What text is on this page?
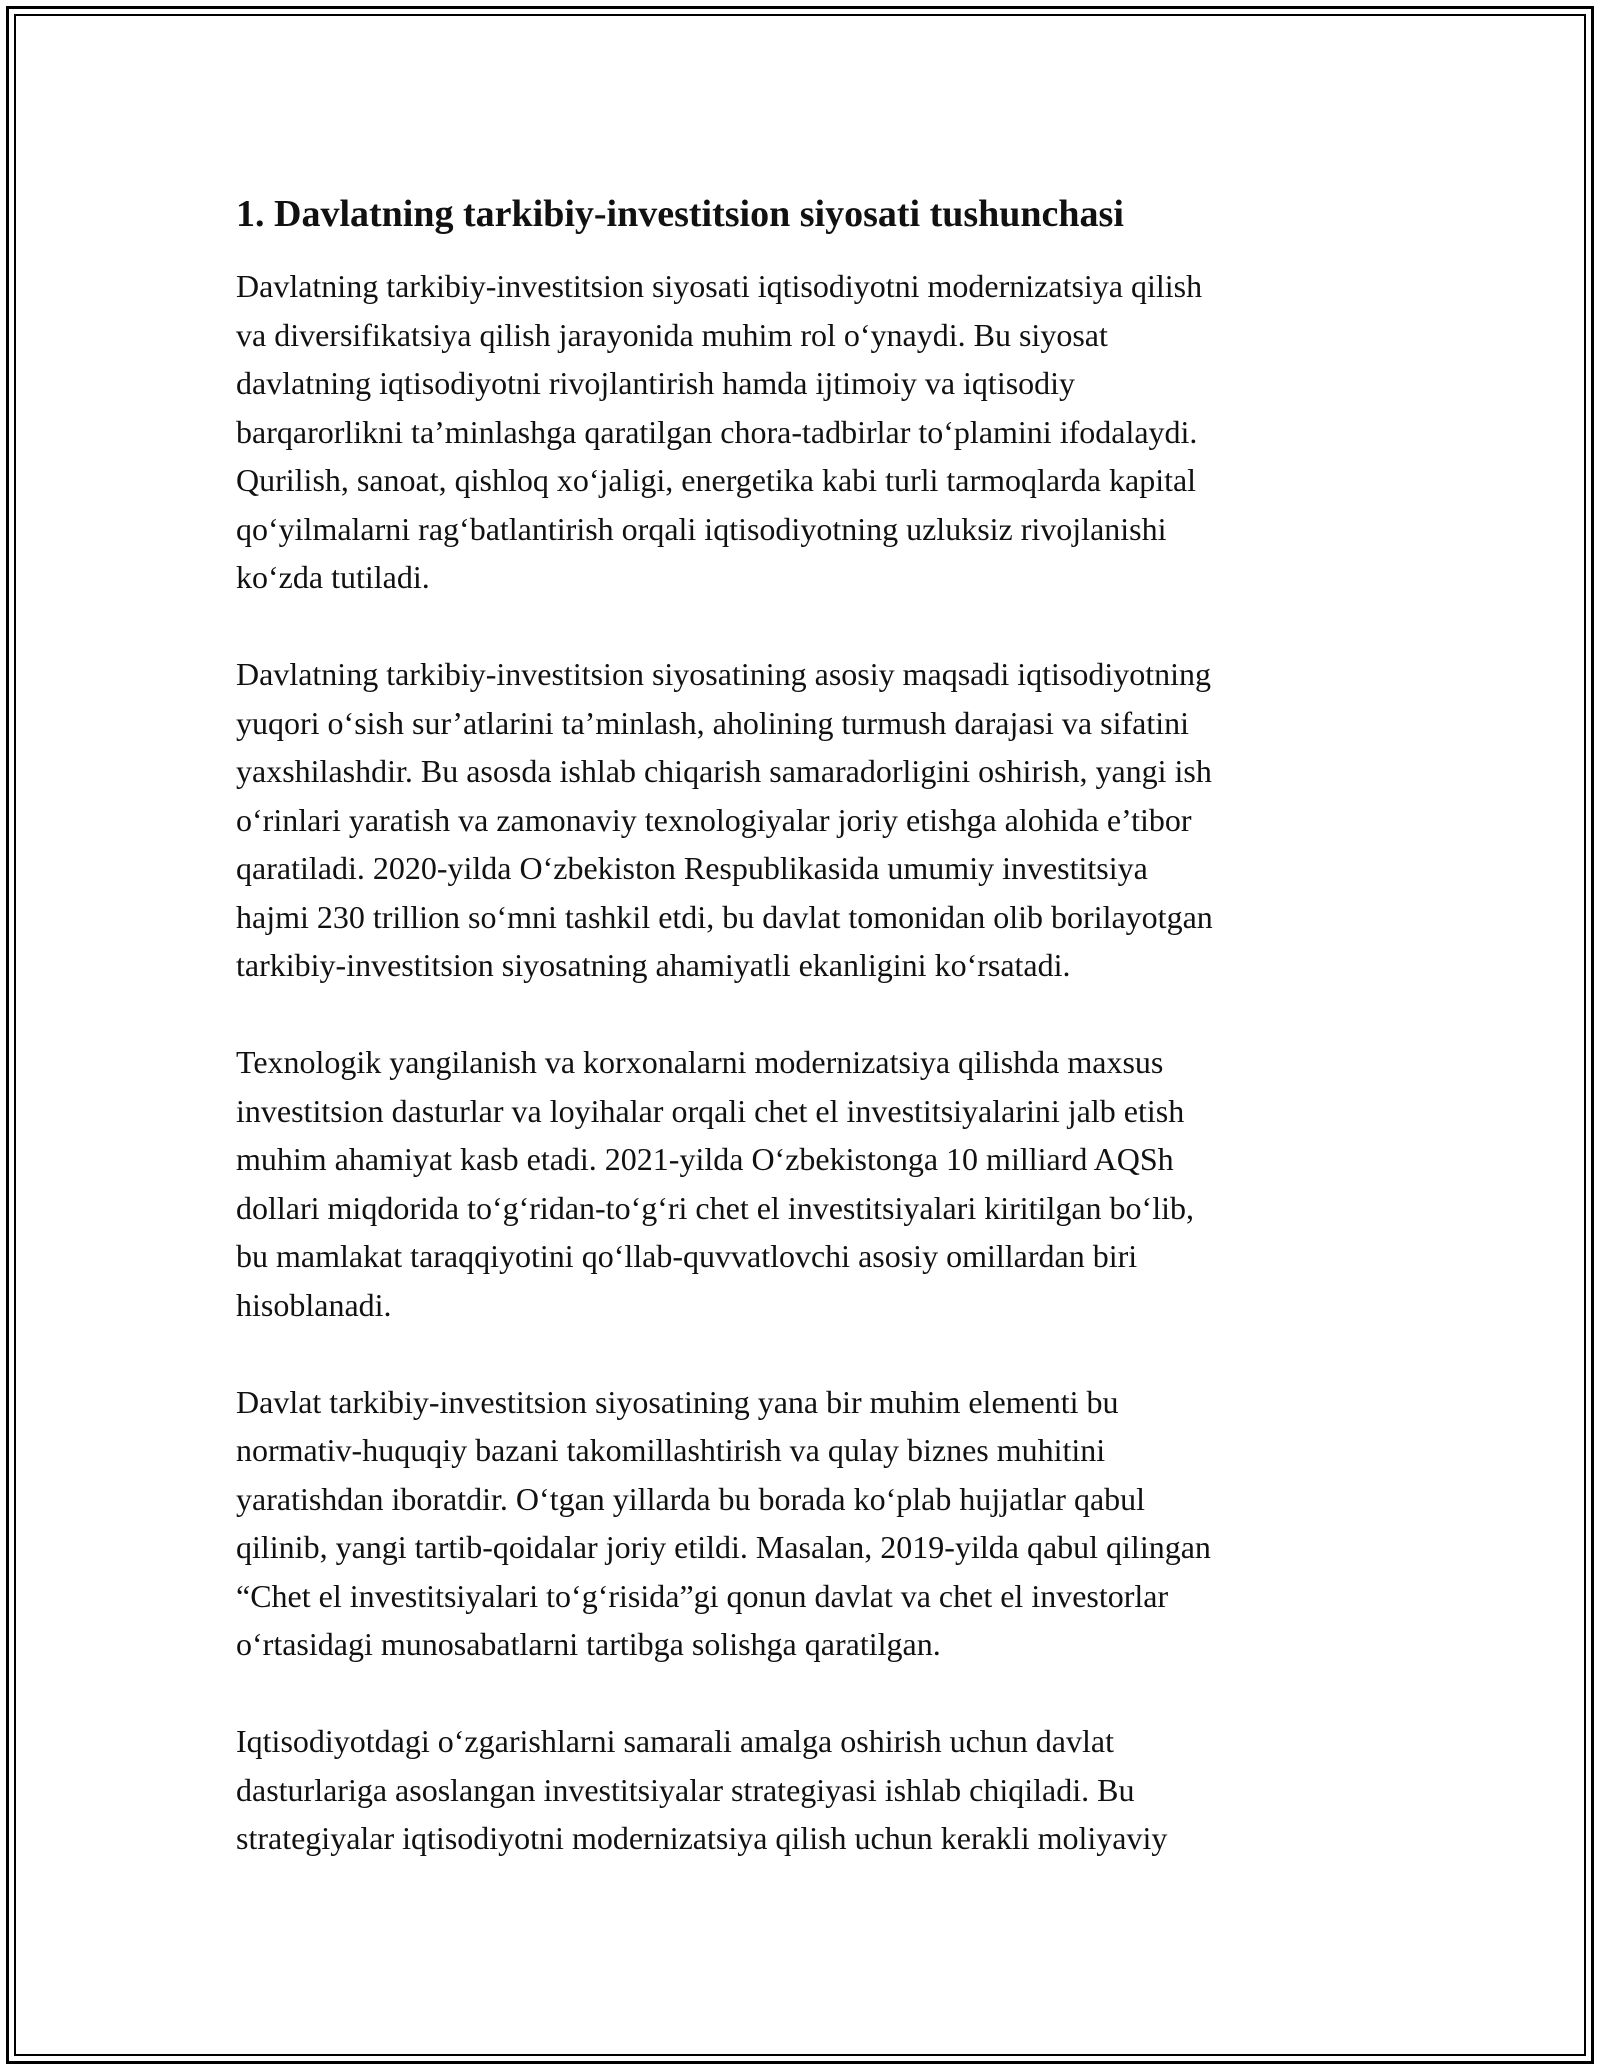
1. Davlatning tarkibiy-investitsion siyosati tushunchasi

Davlatning tarkibiy-investitsion siyosati iqtisodiyotni modernizatsiya qilish
va diversifikatsiya qilish jarayonida muhim rol o‘ynaydi. Bu siyosat
davlatning iqtisodiyotni rivojlantirish hamda ijtimoiy va iqtisodiy
barqarorlikni ta’minlashga qaratilgan chora-tadbirlar to‘plamini ifodalaydi.
Qurilish, sanoat, qishloq xo‘jaligi, energetika kabi turli tarmoqlarda kapital
qo‘yilmalarni rag‘batlantirish orqali iqtisodiyotning uzluksiz rivojlanishi
ko‘zda tutiladi.

Davlatning tarkibiy-investitsion siyosatining asosiy maqsadi iqtisodiyotning
yuqori o‘sish sur’atlarini ta’minlash, aholining turmush darajasi va sifatini
yaxshilashdir. Bu asosda ishlab chiqarish samaradorligini oshirish, yangi ish
o‘rinlari yaratish va zamonaviy texnologiyalar joriy etishga alohida e’tibor
qaratiladi. 2020-yilda O‘zbekiston Respublikasida umumiy investitsiya
hajmi 230 trillion so‘mni tashkil etdi, bu davlat tomonidan olib borilayotgan
tarkibiy-investitsion siyosatning ahamiyatli ekanligini ko‘rsatadi.

Texnologik yangilanish va korxonalarni modernizatsiya qilishda maxsus
investitsion dasturlar va loyihalar orqali chet el investitsiyalarini jalb etish
muhim ahamiyat kasb etadi. 2021-yilda O‘zbekistonga 10 milliard AQSh
dollari miqdorida to‘g‘ridan-to‘g‘ri chet el investitsiyalari kiritilgan bo‘lib,
bu mamlakat taraqqiyotini qo‘llab-quvvatlovchi asosiy omillardan biri
hisoblanadi.

Davlat tarkibiy-investitsion siyosatining yana bir muhim elementi bu
normativ-huquqiy bazani takomillashtirish va qulay biznes muhitini
yaratishdan iboratdir. O‘tgan yillarda bu borada ko‘plab hujjatlar qabul
qilinib, yangi tartib-qoidalar joriy etildi. Masalan, 2019-yilda qabul qilingan
“Chet el investitsiyalari to‘g‘risida”gi qonun davlat va chet el investorlar
o‘rtasidagi munosabatlarni tartibga solishga qaratilgan.

Iqtisodiyotdagi o‘zgarishlarni samarali amalga oshirish uchun davlat
dasturlariga asoslangan investitsiyalar strategiyasi ishlab chiqiladi. Bu
strategiyalar iqtisodiyotni modernizatsiya qilish uchun kerakli moliyaviy
